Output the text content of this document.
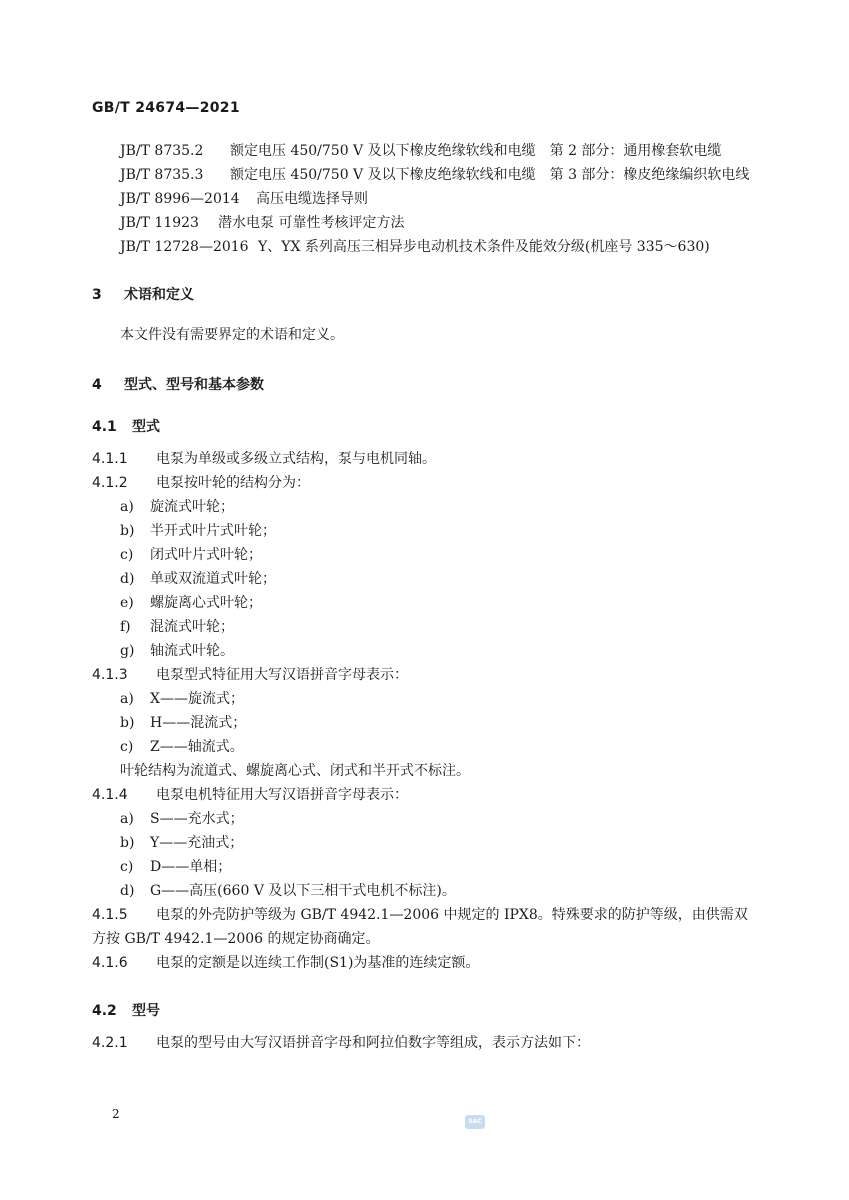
GB/T 24674—2021
JB/T 8735.2 额定电压 450/750 V 及以下橡皮绝缘软线和电缆　第 2 部分：通用橡套软电缆
JB/T 8735.3 额定电压 450/750 V 及以下橡皮绝缘软线和电缆　第 3 部分：橡皮绝缘编织软电线
JB/T 8996—2014 高压电缆选择导则
JB/T 11923 潜水电泵 可靠性考核评定方法
JB/T 12728—2016 Y、YX 系列高压三相异步电动机技术条件及能效分级(机座号 335～630)
3 术语和定义
本文件没有需要界定的术语和定义。
4 型式、型号和基本参数
4.1 型式
4.1.1 电泵为单级或多级立式结构，泵与电机同轴。
4.1.2 电泵按叶轮的结构分为：
a) 旋流式叶轮；
b) 半开式叶片式叶轮；
c) 闭式叶片式叶轮；
d) 单或双流道式叶轮；
e) 螺旋离心式叶轮；
f) 混流式叶轮；
g) 轴流式叶轮。
4.1.3 电泵型式特征用大写汉语拼音字母表示：
a) X——旋流式；
b) H——混流式；
c) Z——轴流式。
叶轮结构为流道式、螺旋离心式、闭式和半开式不标注。
4.1.4 电泵电机特征用大写汉语拼音字母表示：
a) S——充水式；
b) Y——充油式；
c) D——单相；
d) G——高压(660 V 及以下三相干式电机不标注)。
4.1.5 电泵的外壳防护等级为 GB/T 4942.1—2006 中规定的 IPX8。特殊要求的防护等级，由供需双
方按 GB/T 4942.1—2006 的规定协商确定。
4.1.6 电泵的定额是以连续工作制(S1)为基准的连续定额。
4.2 型号
4.2.1 电泵的型号由大写汉语拼音字母和阿拉伯数字等组成，表示方法如下：
2
SAC
